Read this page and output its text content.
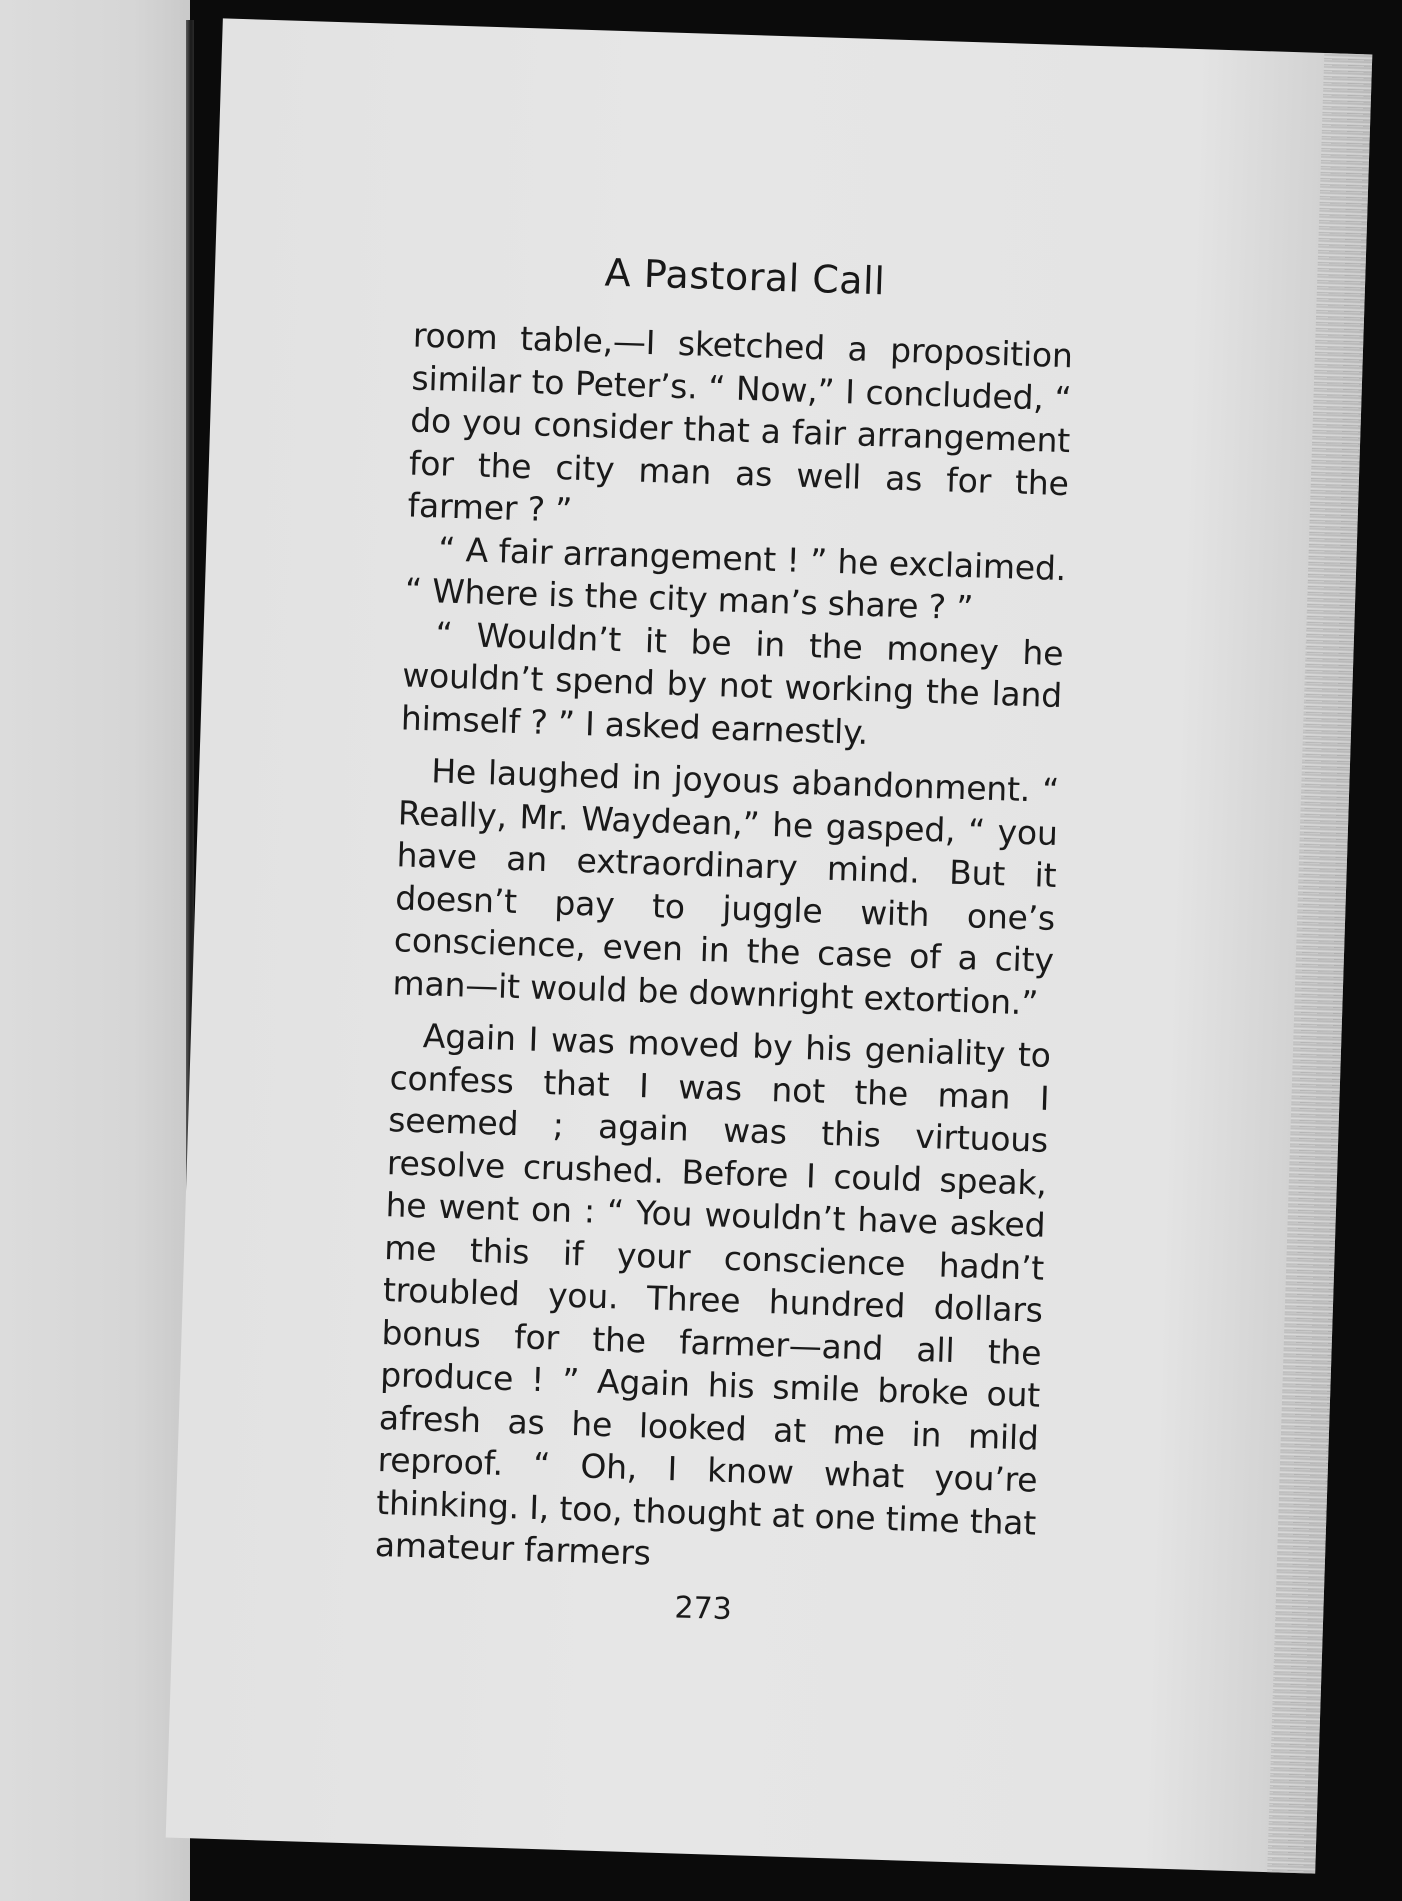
A Pastoral Call

room table,—I sketched a proposition similar to Peter’s. “ Now,” I concluded, “ do you consider that a fair arrangement for the city man as well as for the farmer ? ”

“ A fair arrangement ! ” he exclaimed. “ Where is the city man’s share ? ”

“ Wouldn’t it be in the money he wouldn’t spend by not working the land himself ? ” I asked earnestly.

He laughed in joyous abandonment. “ Really, Mr. Waydean,” he gasped, “ you have an extraordinary mind. But it doesn’t pay to juggle with one’s conscience, even in the case of a city man—it would be downright extortion.”

Again I was moved by his geniality to confess that I was not the man I seemed ; again was this virtuous resolve crushed. Before I could speak, he went on : “ You wouldn’t have asked me this if your conscience hadn’t troubled you. Three hundred dollars bonus for the farmer—and all the produce ! ” Again his smile broke out afresh as he looked at me in mild reproof. “ Oh, I know what you’re thinking. I, too, thought at one time that amateur farmers

273
